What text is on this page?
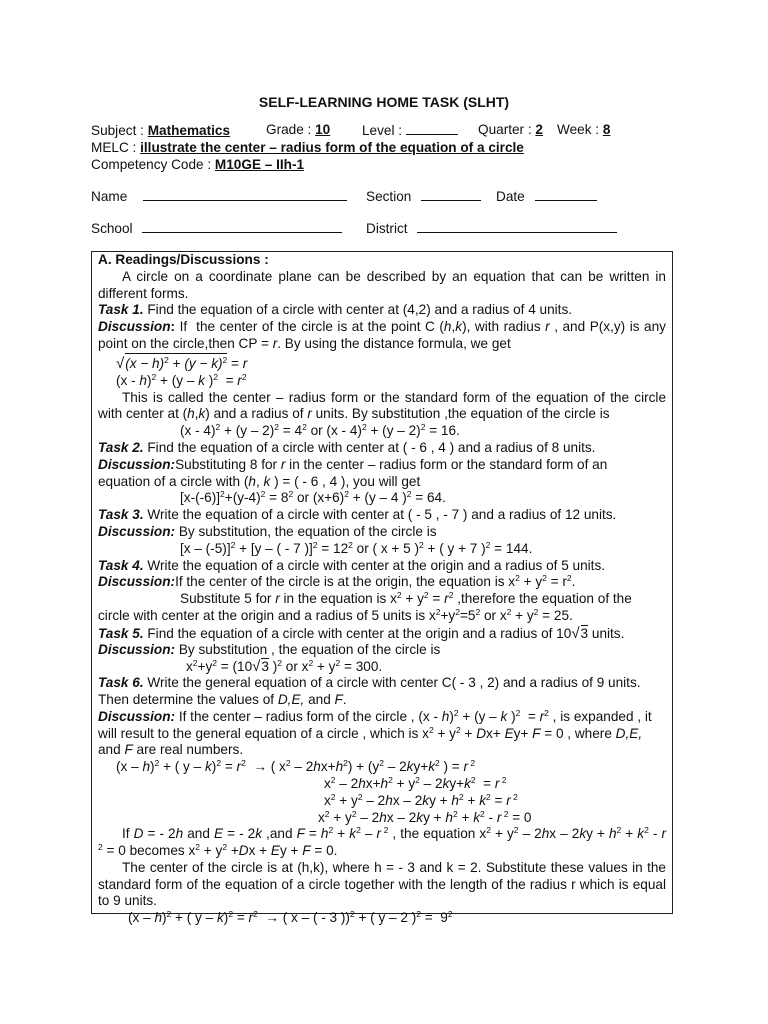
SELF-LEARNING HOME TASK (SLHT)
Subject : Mathematics	Grade : 10 Level :	Quarter : 2 Week : 8
MELC : illustrate the center – radius form of the equation of a circle
Competency Code : M10GE – IIh-1
Name	Section	Date
School	District
A. Readings/Discussions :
A circle on a coordinate plane can be described by an equation that can be written in
different forms.
Task 1. Find the equation of a circle with center at (4,2) and a radius of 4 units.
Discussion: If  the center of the circle is at the point C (h,k), with radius r , and P(x,y) is any
point on the circle,then CP = r. By using the distance formula, we get
$√(x - h)^2 + (y - k)^2 = r$
(x - h)$^2$ + (y – k )$^2 = r^2$
This is called the center – radius form or the standard form of the equation of the circle
with center at (h,k) and a radius of r units. By substitution ,the equation of the circle is
$(x - 4)^2 + (y - 2)^2 = 4^2$ or (x - 4)$^2$ + (y – 2)$^2$ = 16.
Task 2. Find the equation of a circle with center at ( - 6 , 4 ) and a radius of 8 units.
Discussion:Substituting 8 for r in the center – radius form or the standard form of an
equation of a circle with (h, k ) = ( - 6 , 4 ), you will get
$[x-(-6)]^2+(y-4)^2 = 8^2$ or $(x+6)^2 + (y - 4$ )$^2$ = 64.
Task 3. Write the equation of a circle with center at ( - 5 , - 7 ) and a radius of 12 units.
Discussion: By substitution, the equation of the circle is
[x – (-5)]$^2$ + [y – ( - 7 )]$^2 = 12^2$ or ( x + 5 )$^2$ + ( y + 7 )$^2$ = 144.
Task 4. Write the equation of a circle with center at the origin and a radius of 5 units.
Discussion:If the center of the circle is at the origin, the equation is $x^2 + y^2 = r^2$.
Substitute 5 for r in the equation is $x^2 + y^2 = r^2$ ,therefore the equation of the
circle with center at the origin and a radius of 5 units is $x^2+y^2=5^2$ or $x^2 + y^2 = 25$.
Task 5. Find the equation of a circle with center at the origin and a radius of 10√3 units.
Discussion: By substitution , the equation of the circle is
$x^2+y^2 = (10√3$ )$^2$ or $x^2 + y^2 = 300$.
Task 6. Write the general equation of a circle with center C( - 3 , 2) and a radius of 9 units.
Then determine the values of D,E, and F.
Discussion: If the center – radius form of the circle , (x - h)$^2$ + (y – k )$^2 = r^2$ , is expanded , it
will result to the general equation of a circle , which is $x^2 + y^2 + Dx+ Ey+ F = 0$ , where D,E,
and F are real numbers.
(x – h)$^2$ + ( $y - k)^2 = r^2$  → ( $x^2 - 2hx+h^2) + (y^2 - 2ky+k^2$ ) = r $^2$
$x^2 - 2hx+h^2 + y^2 - 2ky+k^2 = r$ $^2$
$x^2 + y^2 - 2hx - 2ky + h^2 + k^2 = r$ $^2$
$x^2 + y^2 - 2hx - 2ky + h^2 + k^2 - r$ $^2$ = 0
If D = - 2h and E = - 2k ,and $F = h^2 + k^2 - r$ $^2$ , the equation $x^2 + y^2 - 2hx - 2ky + h^2 + k^2 - r$
$^2$ = 0 becomes $x^2 + y^2 +Dx + Ey + F = 0$.
The center of the circle is at (h,k), where h = - 3 and k = 2. Substitute these values in the
standard form of the equation of a circle together with the length of the radius r which is equal
to 9 units.
(x – h)$^2$ + ( $y - k)^2 = r^2$  → ( x – ( - 3 ))$^2$ + ( y – 2 )$^2 = 9^2$
